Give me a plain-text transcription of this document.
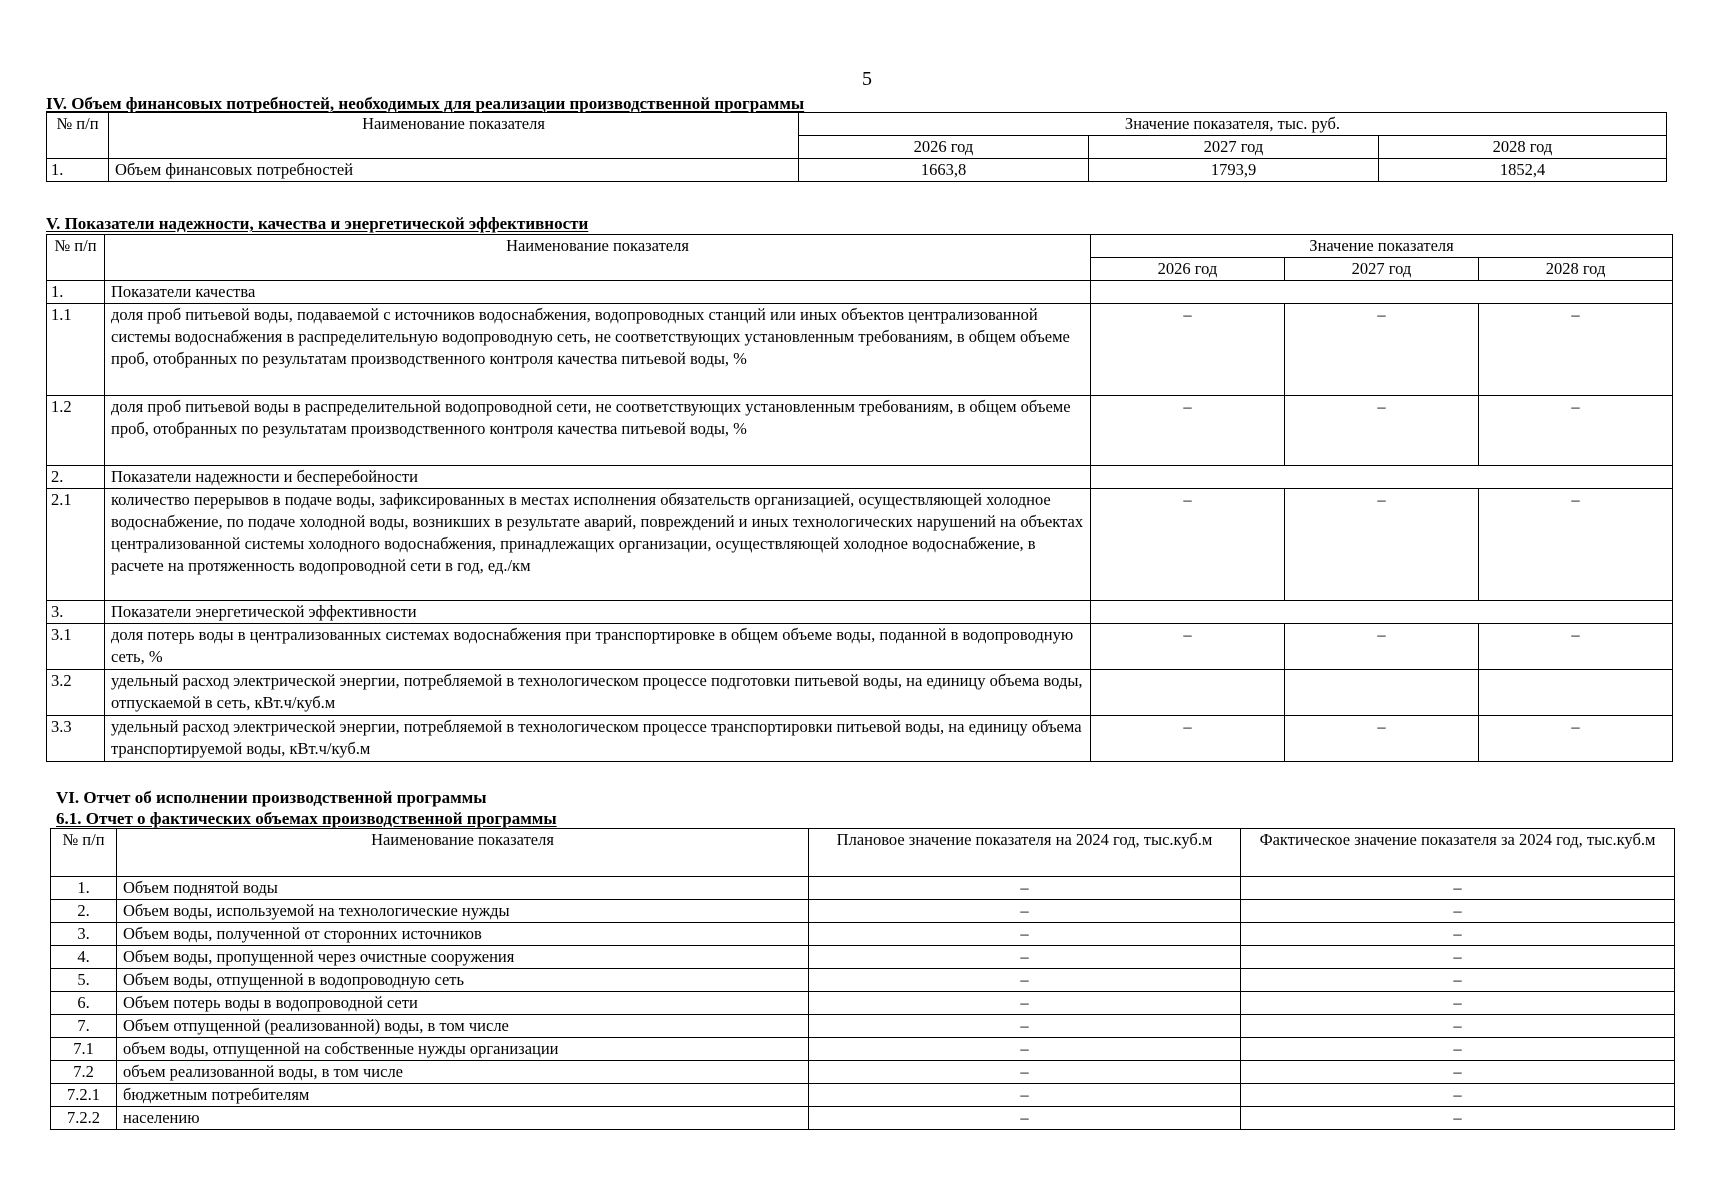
5
IV. Объем финансовых потребностей, необходимых для реализации производственной программы
№ п/п	Наименование показателя	Значение показателя, тыс. руб.		
		2026 год	2027 год	2028 год
1.	Объем финансовых потребностей	1663,8	1793,9	1852,4
V. Показатели надежности, качества и энергетической эффективности
№ п/п	Наименование показателя	Значение показателя		
		2026 год	2027 год	2028 год
1.	Показатели качества			
1.1	доля проб питьевой воды, подаваемой с источников водоснабжения, водопроводных станций или иных объектов централизованной системы водоснабжения в распределительную водопроводную сеть, не соответствующих установленным требованиям, в общем объеме проб, отобранных по результатам производственного контроля качества питьевой воды, %	–	–	–
1.2	доля проб питьевой воды в распределительной водопроводной сети, не соответствующих установленным требованиям, в общем объеме проб, отобранных по результатам производственного контроля качества питьевой воды, %	–	–	–
2.	Показатели надежности и бесперебойности			
2.1	количество перерывов в подаче воды, зафиксированных в местах исполнения обязательств организацией, осуществляющей холодное водоснабжение, по подаче холодной воды, возникших в результате аварий, повреждений и иных технологических нарушений на объектах централизованной системы холодного водоснабжения, принадлежащих организации, осуществляющей холодное водоснабжение, в расчете на протяженность водопроводной сети в год, ед./км	–	–	–
3.	Показатели энергетической эффективности			
3.1	доля потерь воды в централизованных системах водоснабжения при транспортировке в общем объеме воды, поданной в водопроводную сеть, %	–	–	–
3.2	удельный расход электрической энергии, потребляемой в технологическом процессе подготовки питьевой воды, на единицу объема воды, отпускаемой в сеть, кВт.ч/куб.м			
3.3	удельный расход электрической энергии, потребляемой в технологическом процессе транспортировки питьевой воды, на единицу объема транспортируемой воды, кВт.ч/куб.м	–	–	–
VI. Отчет об исполнении производственной программы
6.1. Отчет о фактических объемах производственной программы
№ п/п	Наименование показателя	Плановое значение показателя на 2024 год, тыс.куб.м	Фактическое значение показателя за 2024 год, тыс.куб.м
1.	Объем поднятой воды	–	–
2.	Объем воды, используемой на технологические нужды	–	–
3.	Объем воды, полученной от сторонних источников	–	–
4.	Объем воды, пропущенной через очистные сооружения	–	–
5.	Объем воды, отпущенной в водопроводную сеть	–	–
6.	Объем потерь воды в водопроводной сети	–	–
7.	Объем отпущенной (реализованной) воды, в том числе	–	–
7.1	объем воды, отпущенной на собственные нужды организации	–	–
7.2	объем реализованной воды, в том числе	–	–
7.2.1	бюджетным потребителям	–	–
7.2.2	населению	–	–
